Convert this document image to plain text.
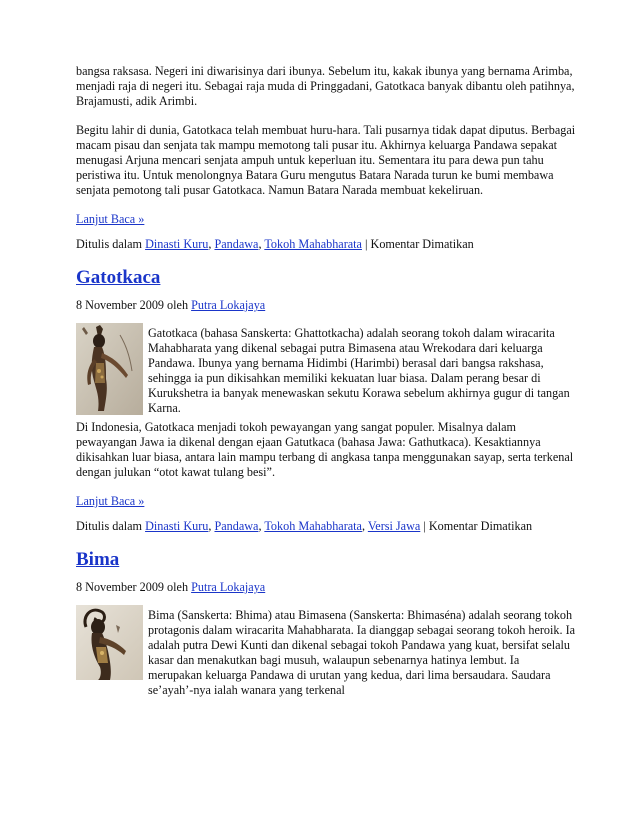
bangsa raksasa. Negeri ini diwarisinya dari ibunya. Sebelum itu, kakak ibunya yang bernama Arimba, menjadi raja di negeri itu. Sebagai raja muda di Pringgadani, Gatotkaca banyak dibantu oleh patihnya, Brajamusti, adik Arimbi.

Begitu lahir di dunia, Gatotkaca telah membuat huru-hara. Tali pusarnya tidak dapat diputus. Berbagai macam pisau dan senjata tak mampu memotong tali pusar itu. Akhirnya keluarga Pandawa sepakat menugasi Arjuna mencari senjata ampuh untuk keperluan itu. Sementara itu para dewa pun tahu peristiwa itu. Untuk menolongnya Batara Guru mengutus Batara Narada turun ke bumi membawa senjata pemotong tali pusar Gatotkaca. Namun Batara Narada membuat kekeliruan.

Lanjut Baca »

Ditulis dalam Dinasti Kuru, Pandawa, Tokoh Mahabharata | Komentar Dimatikan

Gatotkaca

8 November 2009 oleh Putra Lokajaya

Gatotkaca (bahasa Sanskerta: Ghattotkacha) adalah seorang tokoh dalam wiracarita Mahabharata yang dikenal sebagai putra Bimasena atau Wrekodara dari keluarga Pandawa. Ibunya yang bernama Hidimbi (Harimbi) berasal dari bangsa rakshasa, sehingga ia pun dikisahkan memiliki kekuatan luar biasa. Dalam perang besar di Kurukshetra ia banyak menewaskan sekutu Korawa sebelum akhirnya gugur di tangan Karna.

Di Indonesia, Gatotkaca menjadi tokoh pewayangan yang sangat populer. Misalnya dalam pewayangan Jawa ia dikenal dengan ejaan Gatutkaca (bahasa Jawa: Gathutkaca). Kesaktiannya dikisahkan luar biasa, antara lain mampu terbang di angkasa tanpa menggunakan sayap, serta terkenal dengan julukan “otot kawat tulang besi”.

Lanjut Baca »

Ditulis dalam Dinasti Kuru, Pandawa, Tokoh Mahabharata, Versi Jawa | Komentar Dimatikan

Bima

8 November 2009 oleh Putra Lokajaya

Bima (Sanskerta: Bhima) atau Bimasena (Sanskerta: Bhimaséna) adalah seorang tokoh protagonis dalam wiracarita Mahabharata. Ia dianggap sebagai seorang tokoh heroik. Ia adalah putra Dewi Kunti dan dikenal sebagai tokoh Pandawa yang kuat, bersifat selalu kasar dan menakutkan bagi musuh, walaupun sebenarnya hatinya lembut. Ia merupakan keluarga Pandawa di urutan yang kedua, dari lima bersaudara. Saudara se’ayah’-nya ialah wanara yang terkenal
